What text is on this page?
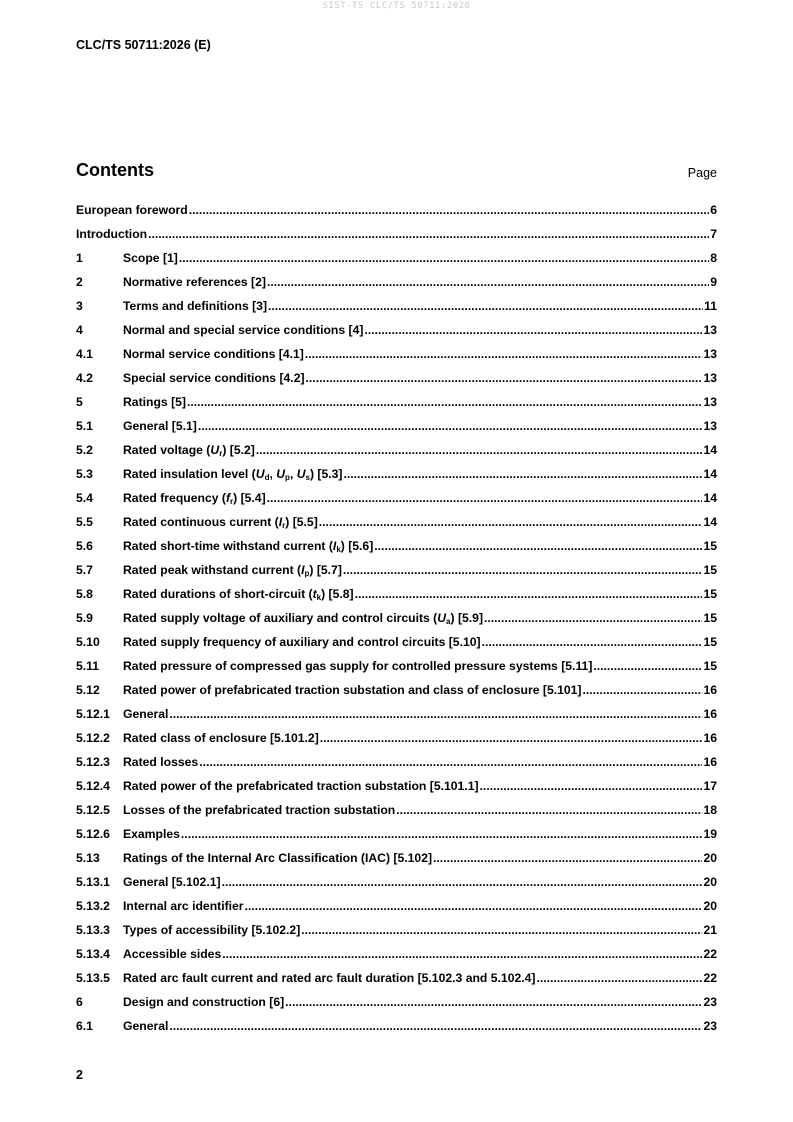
SIST-TS CLC/TS 50711:2026
CLC/TS 50711:2026 (E)
Contents	Page
European foreword .....	6
Introduction .....	7
1	Scope [1] .....	8
2	Normative references [2] .....	9
3	Terms and definitions [3] .....	11
4	Normal and special service conditions [4] .....	13
4.1	Normal service conditions [4.1] .....	13
4.2	Special service conditions [4.2] .....	13
5	Ratings [5] .....	13
5.1	General [5.1] .....	13
5.2	Rated voltage $(U_r)$ [5.2] .....	14
5.3	Rated insulation level ($U_d$, $U_p$, $U_s$) [5.3] .....	14
5.4	Rated frequency $(f_r)$ [5.4] .....	14
5.5	Rated continuous current $(I_r)$ [5.5] .....	14
5.6	Rated short-time withstand current $(I_k)$ [5.6] .....	15
5.7	Rated peak withstand current $(I_p)$ [5.7] .....	15
5.8	Rated durations of short-circuit $(t_k)$ [5.8] .....	15
5.9	Rated supply voltage of auxiliary and control circuits $(U_a)$ [5.9] .....	15
5.10	Rated supply frequency of auxiliary and control circuits [5.10] .....	15
5.11	Rated pressure of compressed gas supply for controlled pressure systems [5.11] .....	15
5.12	Rated power of prefabricated traction substation and class of enclosure [5.101] .....	16
5.12.1	General .....	16
5.12.2	Rated class of enclosure [5.101.2] .....	16
5.12.3	Rated losses .....	16
5.12.4	Rated power of the prefabricated traction substation [5.101.1] .....	17
5.12.5	Losses of the prefabricated traction substation .....	18
5.12.6	Examples .....	19
5.13	Ratings of the Internal Arc Classification (IAC) [5.102] .....	20
5.13.1	General [5.102.1] .....	20
5.13.2	Internal arc identifier .....	20
5.13.3	Types of accessibility [5.102.2] .....	21
5.13.4	Accessible sides .....	22
5.13.5	Rated arc fault current and rated arc fault duration [5.102.3 and 5.102.4] .....	22
6	Design and construction [6] .....	23
6.1	General .....	23
2
